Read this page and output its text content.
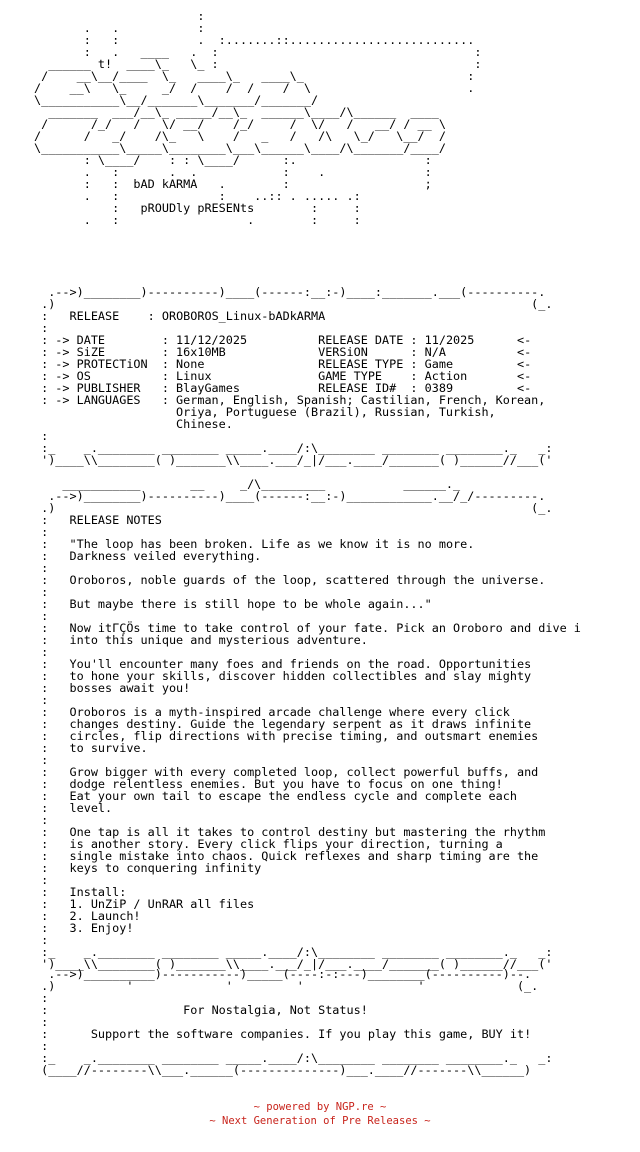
:
.   .           :
:   :           .  :.......::..........................
:   .   ____   .  :                                    :
______ t!  ____\_   \_ :                                    :
/    __\__/____  \_   ____\_   ____\_                       :
/    __\   \_     _/  /    /  /    /  \                      .
\___________\__/_______\_______/_______/
_______  ___/__\_ _____/__\_  ______\____/\______  ____
/      /_/   /   \/ __/    /_/     /  \/   /   __/ / __ \
/      /   _/    /\_   \    /   _   /   /\   \_/   \__/  /
\___________\_____\________\___\______\____/\_______/____/
: \____/    : : \____/      :.                  :
.   :       .  .            :    .              :
:   :  bAD kARMA   .        :                   ;
.   :              :    ..:: . ..... .:
:   pROUDly pRESENts        :     :
.   :                  .        :     :

.-->)________)----------)____(------:__:-)____:_______.___(----------.
.)                                                                   (_.
:   RELEASE    : OROBOROS_Linux-bADkARMA
:
: -> DATE        : 11/12/2025          RELEASE DATE : 11/2025	<-
: -> SiZE        : 16x10MB             VERSiON      : N/A	<-
: -> PROTECTiON  : None                RELEASE TYPE : Game	<-
: -> OS          : Linux               GAME TYPE    : Action	<-
: -> PUBLISHER   : BlayGames           RELEASE ID#  : 0389	<-
: -> LANGUAGES   : German, English, Spanish; Castilian, French, Korean,
Oriya, Portuguese (Brazil), Russian, Turkish,
Chinese.
:
:_    _.________ ________ _____.____/:\________ ________ ________._   _:
')____\\________( )_______\\____.___/_|/___.____/_______( )______//___('
___________       __     _/\_________           ______._
.-->)________)----------)____(------:__:-)____________.__/_/---------.
.)                                                                   (_.
:   RELEASE NOTES
:
:   "The loop has been broken. Life as we know it is no more.
:   Darkness veiled everything.
:
:   Oroboros, noble guards of the loop, scattered through the universe.
:
:   But maybe there is still hope to be whole again..."
:
:   Now itΓÇÖs time to take control of your fate. Pick an Oroboro and dive i
:   into this unique and mysterious adventure.
:
:   You'll encounter many foes and friends on the road. Opportunities
:   to hone your skills, discover hidden collectibles and slay mighty
:   bosses await you!
:
:   Oroboros is a myth-inspired arcade challenge where every click
:   changes destiny. Guide the legendary serpent as it draws infinite
:   circles, flip directions with precise timing, and outsmart enemies
:   to survive.
:
:   Grow bigger with every completed loop, collect powerful buffs, and
:   dodge relentless enemies. But you have to focus on one thing!
:   Eat your own tail to escape the endless cycle and complete each
:   level.
:
:   One tap is all it takes to control destiny but mastering the rhythm
:   is another story. Every click flips your direction, turning a
:   single mistake into chaos. Quick reflexes and sharp timing are the
:   keys to conquering infinity
:
:   Install:
:   1. UnZiP / UnRAR all files
:   2. Launch!
:   3. Enjoy!
:
:_    _.________ ________ _____.____/:\________ ________ ________._   _:
')____\\________( )_______\\____.___/_|/___.____/_______( )______//___('
.-->)__________)-----------)_____(----:-:---)________(----------)--.
.)          '             '         '                '             (_.
:
:	For Nostalgia, Not Status!
:
:	Support the software companies. If you play this game, BUY it!
:
:_    _.________ ________ _____.____/:\________ ________ ________._   _:
(____//--------\\___.______(--------------)___.____//-------\\______)
~ powered by NGP.re ~
~ Next Generation of Pre Releases ~
